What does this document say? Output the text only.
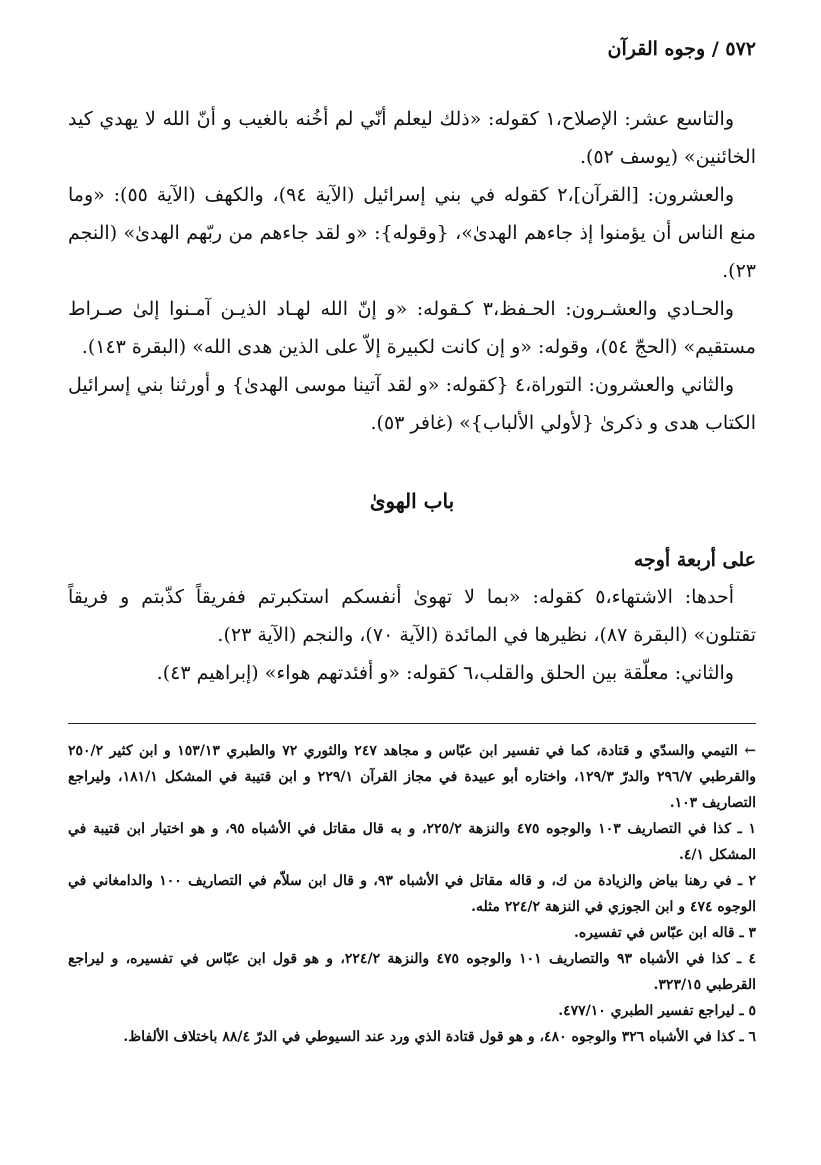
٥٧٢ / وجوه القرآن

والتاسع عشر: الإصلاح،١ كقوله: «ذلك ليعلم أنّي لم أخُنه بالغيب و أنّ الله لا يهدي كيد الخائنين» (يوسف ٥٢).

والعشرون: [القرآن]،٢ كقوله في بني إسرائيل (الآية ٩٤)، والكهف (الآية ٥٥): «وما منع الناس أن يؤمنوا إذ جاءهم الهدىٰ»، {وقوله}: «و لقد جاءهم من ربّهم الهدىٰ» (النجم ٢٣).

والحـادي والعشـرون: الحـفظ،٣ كـقوله: «و إنّ الله لهـاد الذيـن آمـنوا إلىٰ صـراط مستقيم» (الحجّ ٥٤)، وقوله: «و إن كانت لكبيرة إلاّ على الذين هدى الله» (البقرة ١٤٣).

والثاني والعشرون: التوراة،٤ {كقوله: «و لقد آتينا موسى الهدىٰ} و أورثنا بني إسرائيل الكتاب هدى و ذكرىٰ {لأولي الألباب}» (غافر ٥٣).

باب الهوىٰ
على أربعة أوجه

أحدها: الاشتهاء،٥ كقوله: «بما لا تهوىٰ أنفسكم استكبرتم ففريقاً كذّبتم و فريقاً تقتلون» (البقرة ٨٧)، نظيرها في المائدة (الآية ٧٠)، والنجم (الآية ٢٣).

والثاني: معلّقة بين الحلق والقلب،٦ كقوله: «و أفئدتهم هواء» (إبراهيم ٤٣).

← التيمي والسدّي و قتادة، كما في تفسير ابن عبّاس و مجاهد ٢٤٧ والثوري ٧٢ والطبري ١٥٣/١٣ و ابن كثير ٢٥٠/٢ والقرطبي ٢٩٦/٧ والدرّ ١٢٩/٣، واختاره أبو عبيدة في مجاز القرآن ٢٢٩/١ و ابن قتيبة في المشكل ١٨١/١، وليراجع التصاريف ١٠٣.

١ ـ كذا في التصاريف ١٠٣ والوجوه ٤٧٥ والنزهة ٢٢٥/٢، و به قال مقاتل في الأشباه ٩٥، و هو اختيار ابن قتيبة في المشكل ٤/١.

٢ ـ في رهنا بياض والزيادة من ك، و قاله مقاتل في الأشباه ٩٣، و قال ابن سلاّم في التصاريف ١٠٠ والدامغاني في الوجوه ٤٧٤ و ابن الجوزي في النزهة ٢٢٤/٢ مثله.

٣ ـ قاله ابن عبّاس في تفسيره.

٤ ـ كذا في الأشباه ٩٣ والتصاريف ١٠١ والوجوه ٤٧٥ والنزهة ٢٢٤/٢، و هو قول ابن عبّاس في تفسيره، و ليراجع القرطبي ٣٢٣/١٥.

٥ ـ ليراجع تفسير الطبري ٤٧٧/١٠.

٦ ـ كذا في الأشباه ٣٢٦ والوجوه ٤٨٠، و هو قول قتادة الذي ورد عند السيوطي في الدرّ ٨٨/٤ باختلاف الألفاظ.
